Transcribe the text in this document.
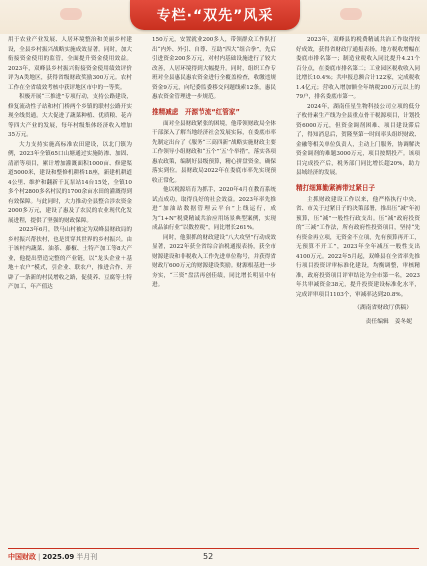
专栏·“双先”风采
用于农业产业发展、人居环境整治和美丽乡村建设，全县乡村振兴战略实施成效显著。同时，加大衔接资金使用的监管，全面提升资金使用效益。2023年，双峰县乡村振兴衔接资金使用绩效评价评为A类地区，获得省级财政奖励300万元。农村工作在全省绩效考核中获评地区市中的一等奖。
积极开展“三推进”专项行动，支持公路建设，修复流动性子站和村门桥两个乡镇的联村公路开实现全线贯通。大大促进了蔬菜种植、优质粮、花卉等四大产业的发展，每年村级集体经济收入增加35万元。
大力支持实施高标准农田建设，以北门镇为例，2023年全镇65口山塘通过实施防渗、加固、清淤等项目，累计增加灌溉面积1000亩、修建渠道5000米，建设和整修机耕桥18座，新建机耕道4公里、维护和翻新千瓦泵站14台15处，全镇10多个村2800多名村民的1700余亩水田的灌溉得到有效保障。与此同时，大力推动全县整合涉农资金2000多万元，建设了惠及了农民的农业现代化发展进程，提供了坚强的财政保障。
2023年6月，铁马山村被定为双峰县财政局的乡村振兴帮扶村，也是贯穿其世界的乡村振兴。由于该村内蔬菜、油茶、藤椒、土特产加工等8大产业，他提出塑造完整的产业链，以“龙头企业＋基地＋农户”模式，引企业、联农户，推进合作、开辟了一条新的村民增收之路，促使养、豆腐等土特产加工，年产值达
150万元，安置就业200多人，带领群众工作队打出“内外、外引、自尊、互助”四大“组合拳”，先后引进资金200多万元，对村内基础设施进行了较大改善，人居环境得到大幅提升。同时，组织工作专班对全县惠民惠农资金进行全覆盖检查，收缴违规资金9万元，向纪委监委移交问题线索12条，惠民惠农资金管理进一步规范。
推精减虑　开源节流“红管家”
面对全县财政紧张的困境，他带领财政局全体干部深入了解当地经济社会发展实际，在娄底市率先制定出台了《服务“三高四新”战略实施财政主要工作领导小组财政和“五个”‘五’个举措”，落实各项惠农政策，编制好县级预算，精心拼盘资金，确保落实到位。县财政局2022年在娄底市率先实现预收正常化。
他以税源培育为抓手，2020年4月在教育系统试点成功，取得良好的社会效益。2023年率先推进“加油站数据管理云平台”上线运行，成为“1+N”税费精诚共治应用场景典型案例，实现成品油行业“以数控税”，同比增长261%。
同时，他狠抓的财政建设“八大攻坚”行动成效显著，2022年获全省综合治税通报表扬，获全市财源建设和非税收入工作先进单位称号，并获得省财政厅600万元的财源建设奖励。财源根基进一步夯实，“三资”盘活再创佳绩，同比增长明显中有进。
2023年，双峰县的税费精诚共治工作取得较好成效，获得省财政厅通报表扬。地方税收增幅在娄底市排名第一；制造业税收入同比提升4.21个百分点，在娄底市排名第二；工业园区税收收入同比增长10.4%；共申报总额合计122家，完成税收1.4亿元；营收入增加额全年纳税200万元以上的79户，排名娄底市第一。
2024年，湖南佳星生物科技公司立项的低分子枚骨素生产线为全县重点骨干税源项目，计划投资6000万元，但资金调剂困难、项目建设滞后了，得知消息后，贺隆坚第一时间率头组织财政、金融等相关单位负责人，主动上门服务，协调解决资金调剂的难题3000万元，项目按期投产。该项目完成投产后，税务部门同比增长超20%，助力县域经济的发展。
精打细算勤紧裤带过紧日子
主抓财政建设工作以来，他严格执行中央、省、市关于过紧日子的决策部署，推出压“减”年初预算，压“减”一般性行政支出。压“减”政府投资的“三减”工作法，所有政府性投资项目，坚持“先有资金再立项，无资金不立项，先有预算再开工，无预算不开工”，2023年全年减压一般性支出4100万元。2022年5月起，双峰县在全省率先推行项目投资评审标准化建设，均衡调整，审核精准，政府投资项目评审结论为全市第一名，2023年共审减资金38元，提升投资建设标准化水平，完成评审项目1103个，审减率达到20.8%。
（湖南省财政厅供稿）
责任编辑　姜冬妮
中国财政 | 2025.09 半月刊	52
